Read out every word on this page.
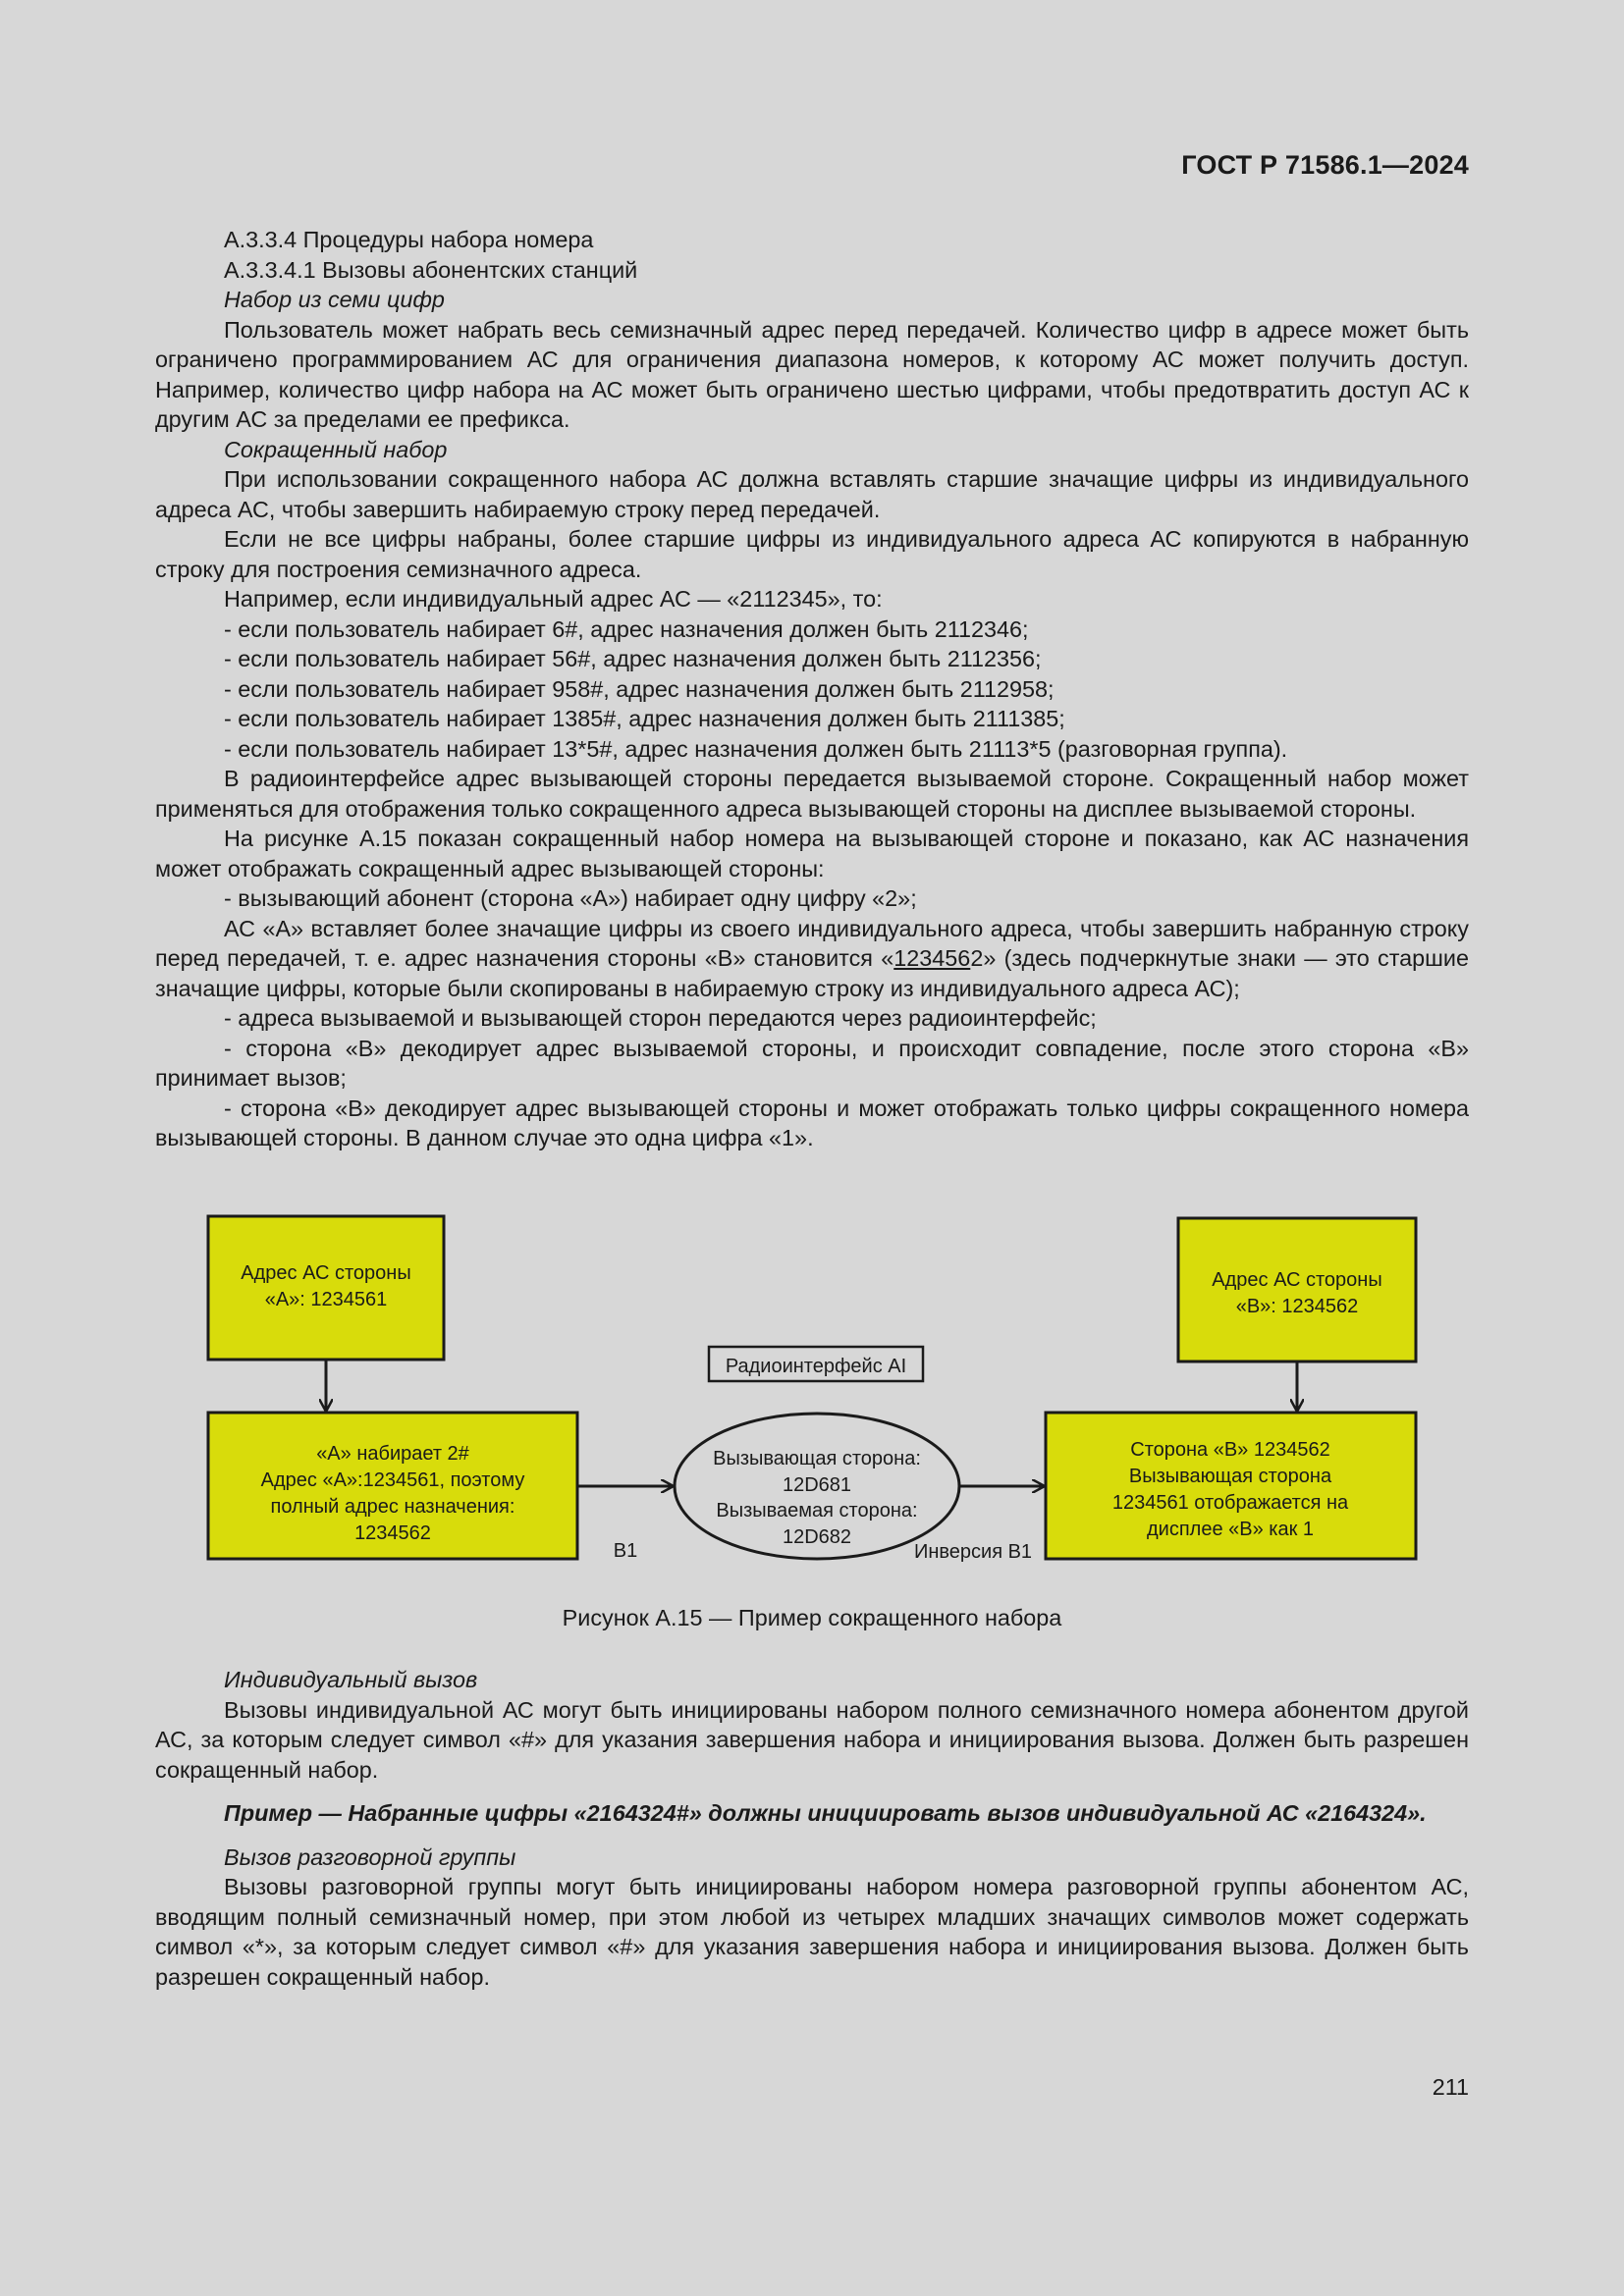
ГОСТ Р 71586.1—2024

А.3.3.4 Процедуры набора номера

А.3.3.4.1 Вызовы абонентских станций

Набор из семи цифр

Пользователь может набрать весь семизначный адрес перед передачей. Количество цифр в адресе может быть ограничено программированием АС для ограничения диапазона номеров, к которому АС может получить доступ. Например, количество цифр набора на АС может быть ограничено шестью цифрами, чтобы предотвратить доступ АС к другим АС за пределами ее префикса.

Сокращенный набор

При использовании сокращенного набора АС должна вставлять старшие значащие цифры из индивидуального адреса АС, чтобы завершить набираемую строку перед передачей.

Если не все цифры набраны, более старшие цифры из индивидуального адреса АС копируются в набранную строку для построения семизначного адреса.

Например, если индивидуальный адрес АС — «2112345», то:

- если пользователь набирает 6#, адрес назначения должен быть 2112346;

- если пользователь набирает 56#, адрес назначения должен быть 2112356;

- если пользователь набирает 958#, адрес назначения должен быть 2112958;

- если пользователь набирает 1385#, адрес назначения должен быть 2111385;

- если пользователь набирает 13*5#, адрес назначения должен быть 21113*5 (разговорная группа).

В радиоинтерфейсе адрес вызывающей стороны передается вызываемой стороне. Сокращенный набор может применяться для отображения только сокращенного адреса вызывающей стороны на дисплее вызываемой стороны.

На рисунке А.15 показан сокращенный набор номера на вызывающей стороне и показано, как АС назначения может отображать сокращенный адрес вызывающей стороны:

- вызывающий абонент (сторона «А») набирает одну цифру «2»;

АС «А» вставляет более значащие цифры из своего индивидуального адреса, чтобы завершить набранную строку перед передачей, т. е. адрес назначения стороны «В» становится «1234562» (здесь подчеркнутые знаки — это старшие значащие цифры, которые были скопированы в набираемую строку из индивидуального адреса АС);

- адреса вызываемой и вызывающей сторон передаются через радиоинтерфейс;

- сторона «В» декодирует адрес вызываемой стороны, и происходит совпадение, после этого сторона «В» принимает вызов;

- сторона «В» декодирует адрес вызывающей стороны и может отображать только цифры сокращенного номера вызывающей стороны. В данном случае это одна цифра «1».

Адрес АС стороны
«А»: 1234561
Адрес АС стороны
«В»: 1234562
Радиоинтерфейс AI
«А» набирает 2#
Адрес «А»:1234561, поэтому
полный адрес назначения:
1234562
Вызывающая сторона:
12D681
Вызываемая сторона:
12D682
Сторона «В» 1234562
Вызывающая сторона
1234561 отображается на
дисплее «В» как 1
B1	Инверсия B1
Рисунок А.15 — Пример сокращенного набора

Индивидуальный вызов

Вызовы индивидуальной АС могут быть инициированы набором полного семизначного номера абонентом другой АС, за которым следует символ «#» для указания завершения набора и инициирования вызова. Должен быть разрешен сокращенный набор.

Пример — Набранные цифры «2164324#» должны инициировать вызов индивидуальной АС «2164324».

Вызов разговорной группы

Вызовы разговорной группы могут быть инициированы набором номера разговорной группы абонентом АС, вводящим полный семизначный номер, при этом любой из четырех младших значащих символов может содержать символ «*», за которым следует символ «#» для указания завершения набора и инициирования вызова. Должен быть разрешен сокращенный набор.

211
